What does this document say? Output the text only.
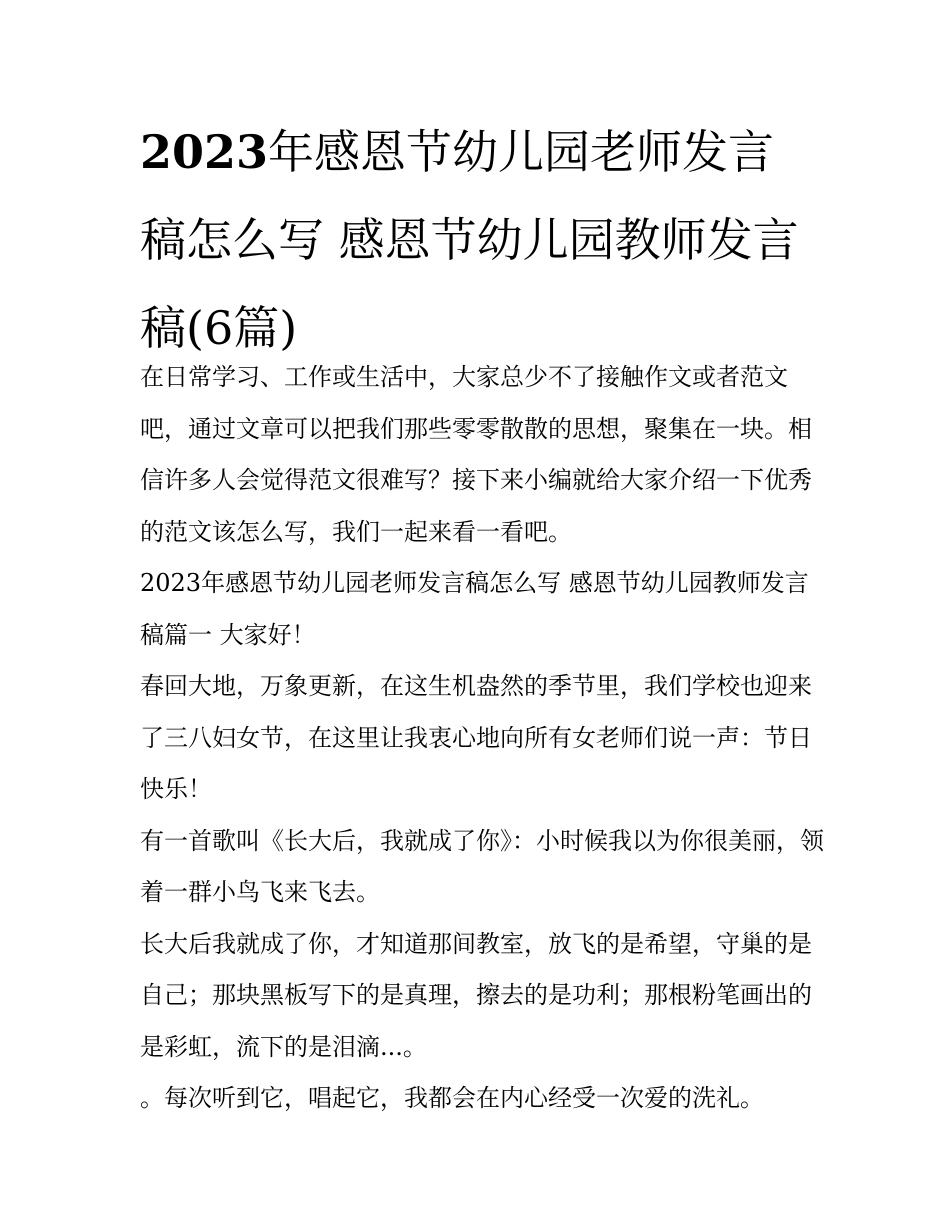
2023年感恩节幼儿园老师发言稿怎么写 感恩节幼儿园教师发言稿(6篇)

在日常学习、工作或生活中，大家总少不了接触作文或者范文吧，通过文章可以把我们那些零零散散的思想，聚集在一块。相信许多人会觉得范文很难写？接下来小编就给大家介绍一下优秀的范文该怎么写，我们一起来看一看吧。

2023年感恩节幼儿园老师发言稿怎么写 感恩节幼儿园教师发言稿篇一 大家好！

春回大地，万象更新，在这生机盎然的季节里，我们学校也迎来了三八妇女节，在这里让我衷心地向所有女老师们说一声：节日快乐！

有一首歌叫《长大后，我就成了你》：小时候我以为你很美丽，领着一群小鸟飞来飞去。

长大后我就成了你，才知道那间教室，放飞的是希望，守巢的是自己；那块黑板写下的是真理，擦去的是功利；那根粉笔画出的是彩虹，流下的是泪滴...。

。每次听到它，唱起它，我都会在内心经受一次爱的洗礼。
